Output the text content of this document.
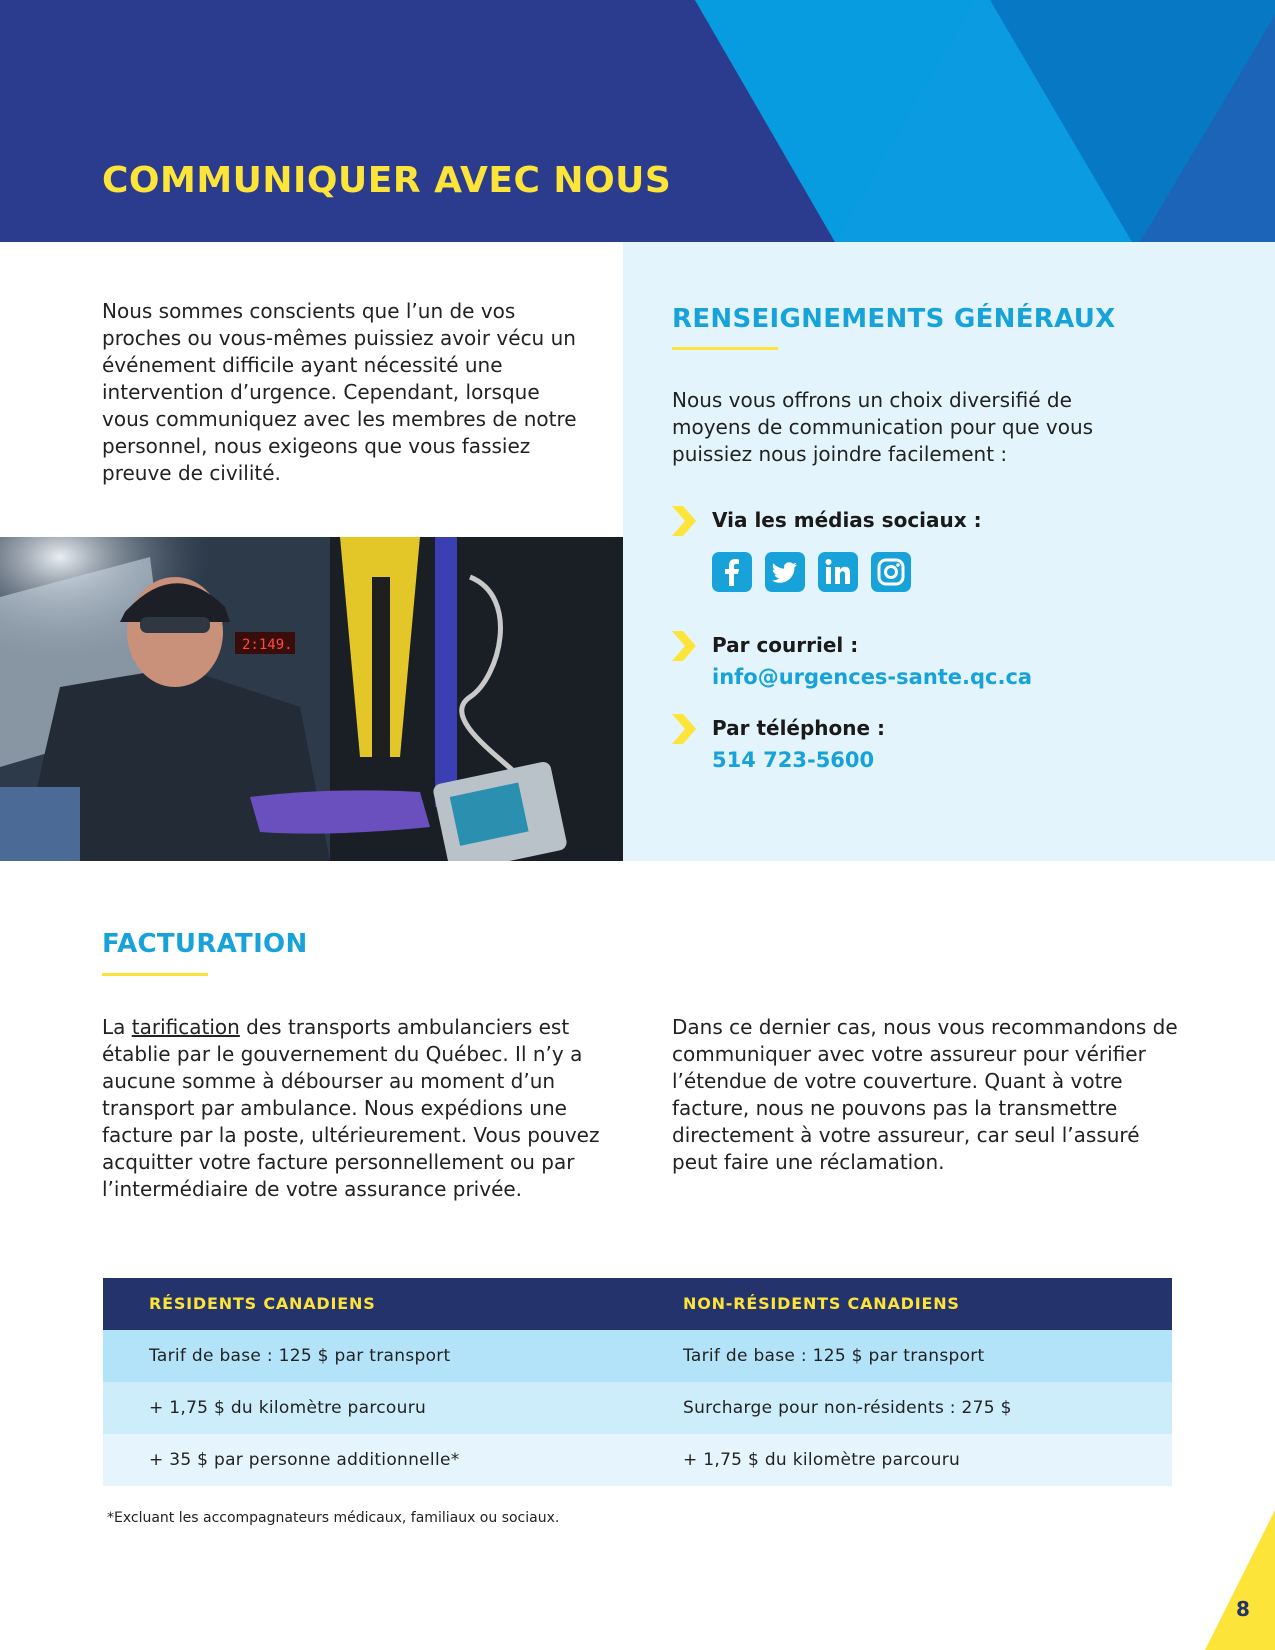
COMMUNIQUER AVEC NOUS

Nous sommes conscients que l’un de vos proches ou vous-mêmes puissiez avoir vécu un événement difficile ayant nécessité une intervention d’urgence. Cependant, lorsque vous communiquez avec les membres de notre personnel, nous exigeons que vous fassiez preuve de civilité.

2:149.
RENSEIGNEMENTS GÉNÉRAUX

Nous vous offrons un choix diversifié de moyens de communication pour que vous puissiez nous joindre facilement :

Via les médias sociaux :
Par courriel :
info@urgences-sante.qc.ca
Par téléphone :
514 723-5600
FACTURATION

La tarification des transports ambulanciers est établie par le gouvernement du Québec. Il n’y a aucune somme à débourser au moment d’un transport par ambulance. Nous expédions une facture par la poste, ultérieurement. Vous pouvez acquitter votre facture personnellement ou par l’intermédiaire de votre assurance privée.

Dans ce dernier cas, nous vous recommandons de communiquer avec votre assureur pour vérifier l’étendue de votre couverture. Quant à votre facture, nous ne pouvons pas la transmettre directement à votre assureur, car seul l’assuré peut faire une réclamation.

RÉSIDENTS CANADIENS	NON-RÉSIDENTS CANADIENS
Tarif de base : 125 $ par transport	Tarif de base : 125 $ par transport
+ 1,75 $ du kilomètre parcouru	Surcharge pour non-résidents : 275 $
+ 35 $ par personne additionnelle*	+ 1,75 $ du kilomètre parcouru
*Excluant les accompagnateurs médicaux, familiaux ou sociaux.
8
